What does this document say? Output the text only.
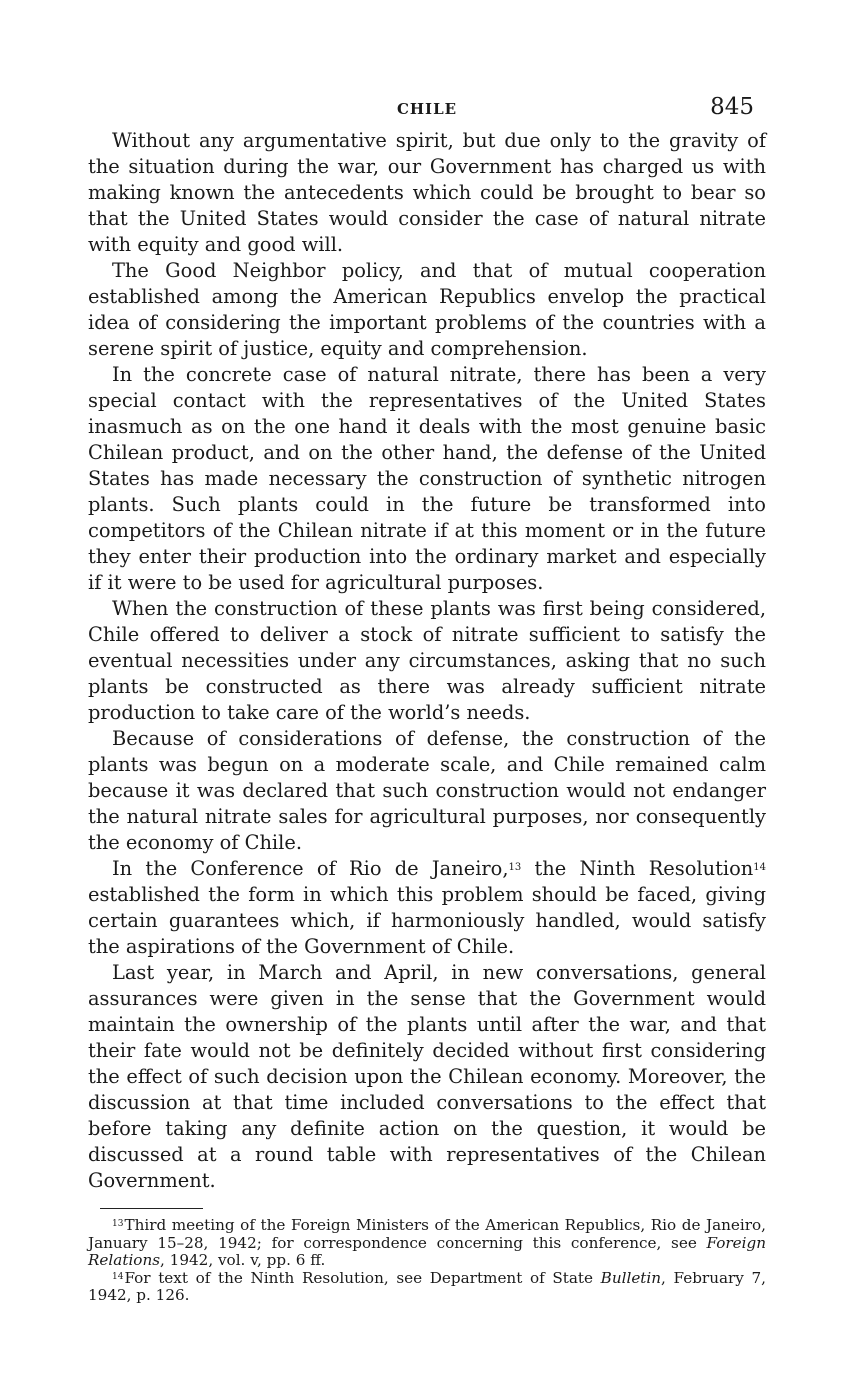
CHILE	845

Without any argumentative spirit, but due only to the gravity of the situation during the war, our Government has charged us with making known the antecedents which could be brought to bear so that the United States would consider the case of natural nitrate with equity and good will.

The Good Neighbor policy, and that of mutual cooperation established among the American Republics envelop the practical idea of considering the important problems of the countries with a serene spirit of justice, equity and comprehension.

In the concrete case of natural nitrate, there has been a very special contact with the representatives of the United States inasmuch as on the one hand it deals with the most genuine basic Chilean product, and on the other hand, the defense of the United States has made necessary the construction of synthetic nitrogen plants. Such plants could in the future be transformed into competitors of the Chilean nitrate if at this moment or in the future they enter their production into the ordinary market and especially if it were to be used for agricultural purposes.

When the construction of these plants was first being considered, Chile offered to deliver a stock of nitrate sufficient to satisfy the eventual necessities under any circumstances, asking that no such plants be constructed as there was already sufficient nitrate production to take care of the world’s needs.

Because of considerations of defense, the construction of the plants was begun on a moderate scale, and Chile remained calm because it was declared that such construction would not endanger the natural nitrate sales for agricultural purposes, nor consequently the economy of Chile.

In the Conference of Rio de Janeiro,$^{13}$ the Ninth Resolution$^{14}$ established the form in which this problem should be faced, giving certain guarantees which, if harmoniously handled, would satisfy the aspirations of the Government of Chile.

Last year, in March and April, in new conversations, general assurances were given in the sense that the Government would maintain the ownership of the plants until after the war, and that their fate would not be definitely decided without first considering the effect of such decision upon the Chilean economy. Moreover, the discussion at that time included conversations to the effect that before taking any definite action on the question, it would be discussed at a round table with representatives of the Chilean Government.

$^{13}$Third meeting of the Foreign Ministers of the American Republics, Rio de Janeiro, January 15–28, 1942; for correspondence concerning this conference, see Foreign Relations, 1942, vol. v, pp. 6 ff.

$^{14}$For text of the Ninth Resolution, see Department of State Bulletin, February 7, 1942, p. 126.
